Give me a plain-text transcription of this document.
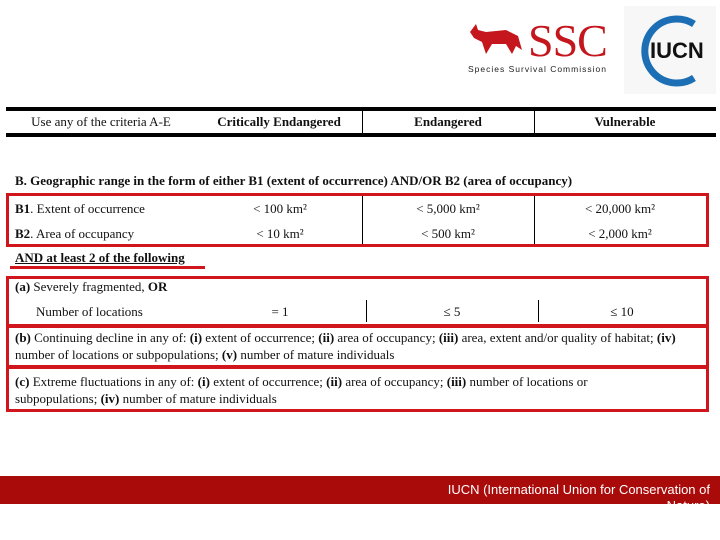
SSC
Species Survival Commission
IUCN
Use any of the criteria A-E	Critically Endangered	Endangered	Vulnerable
B. Geographic range in the form of either B1 (extent of occurrence) AND/OR B2 (area of occupancy)
B1. Extent of occurrence	< 100 km²	< 5,000 km²	< 20,000 km²
B2. Area of occupancy	< 10 km²	< 500 km²	< 2,000 km²
AND at least 2 of the following
(a) Severely fragmented, OR
Number of locations	= 1	≤ 5	≤ 10
(b) Continuing decline in any of: (i) extent of occurrence; (ii) area of occupancy; (iii) area, extent and/or quality of habitat; (iv) number of locations or subpopulations; (v) number of mature individuals
(c) Extreme fluctuations in any of: (i) extent of occurrence; (ii) area of occupancy; (iii) number of locations or subpopulations; (iv) number of mature individuals
IUCN (International Union for Conservation of Nature)
